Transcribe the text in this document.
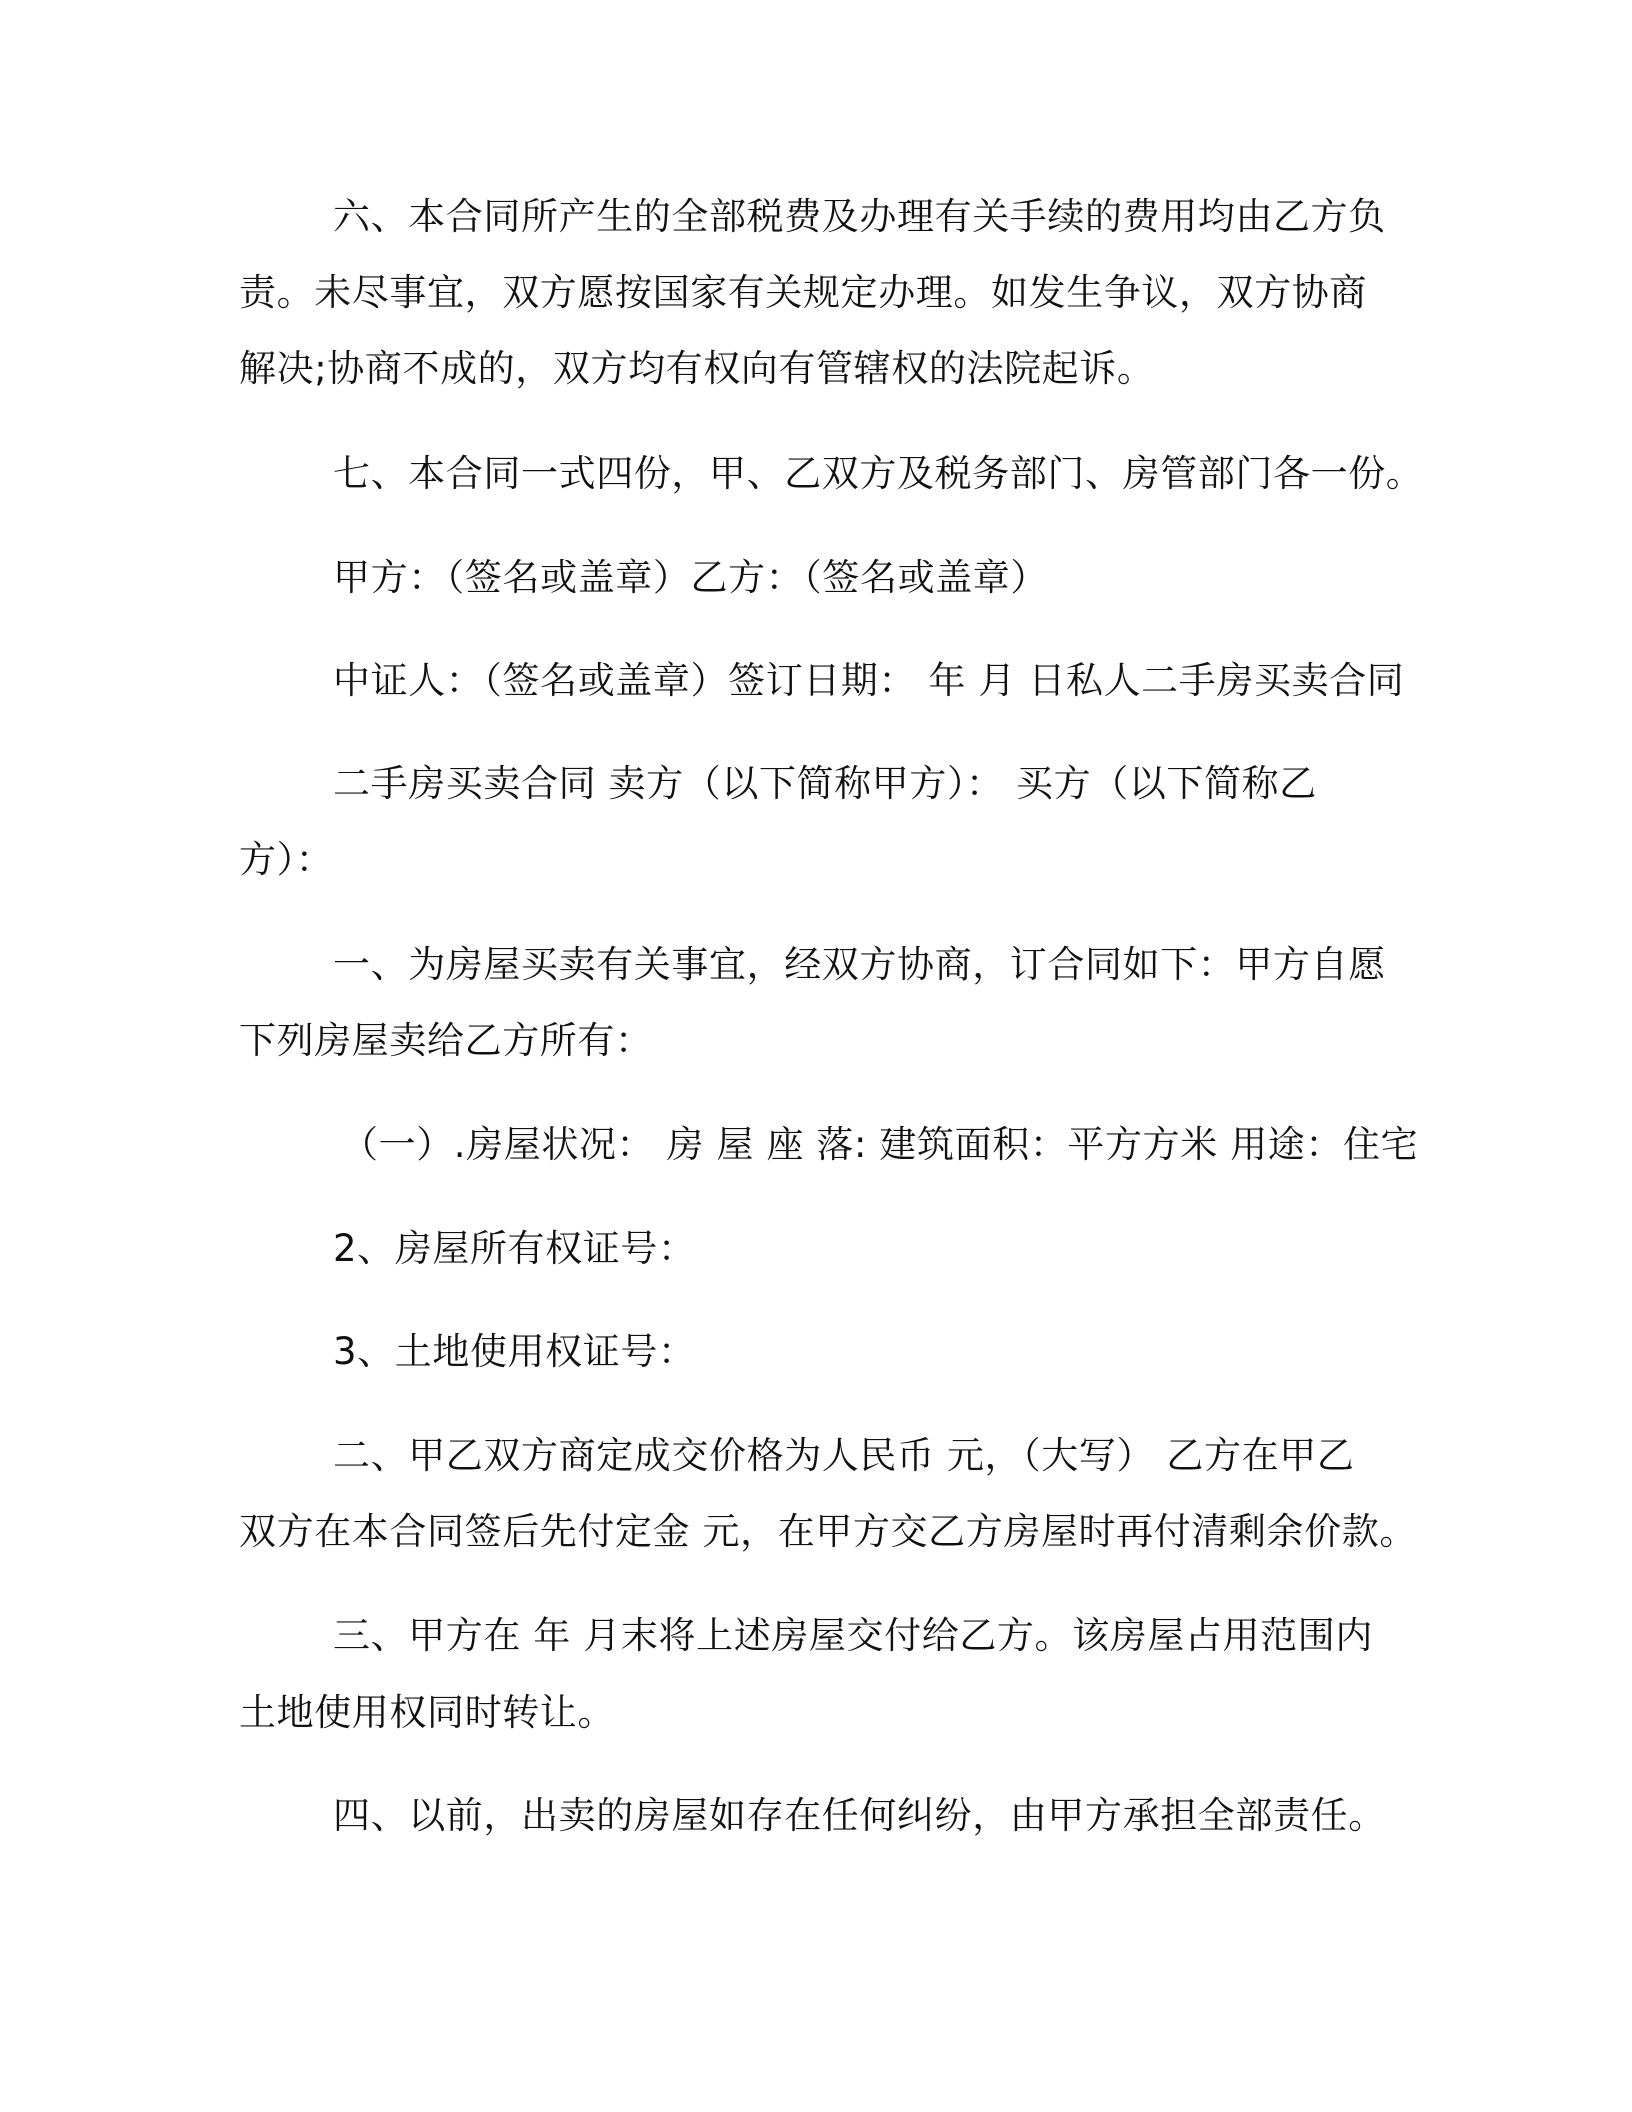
六、本合同所产生的全部税费及办理有关手续的费用均由乙方负
责。未尽事宜，双方愿按国家有关规定办理。如发生争议，双方协商
解决;协商不成的，双方均有权向有管辖权的法院起诉。
七、本合同一式四份，甲、乙双方及税务部门、房管部门各一份。
甲方：（签名或盖章）乙方：（签名或盖章）
中证人：（签名或盖章）签订日期： 年 月 日私人二手房买卖合同
二手房买卖合同 卖方（以下简称甲方）： 买方（以下简称乙
方）：
一、为房屋买卖有关事宜，经双方协商，订合同如下：甲方自愿
下列房屋卖给乙方所有：
（一）.房屋状况： 房 屋 座 落: 建筑面积：平方方米 用途：住宅
2、房屋所有权证号：
3、土地使用权证号：
二、甲乙双方商定成交价格为人民币 元，（大写） 乙方在甲乙
双方在本合同签后先付定金 元，在甲方交乙方房屋时再付清剩余价款。
三、甲方在 年 月末将上述房屋交付给乙方。该房屋占用范围内
土地使用权同时转让。
四、以前，出卖的房屋如存在任何纠纷，由甲方承担全部责任。
